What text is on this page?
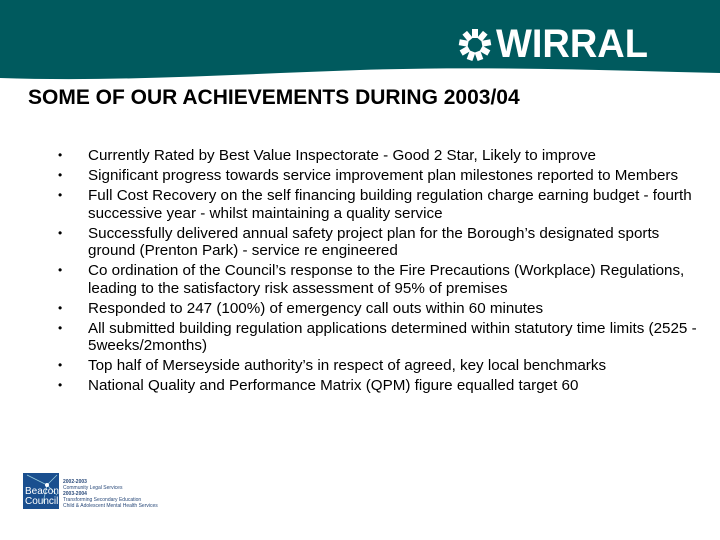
WIRRAL
SOME OF OUR ACHIEVEMENTS DURING 2003/04
•	Currently Rated by Best Value Inspectorate - Good 2 Star, Likely to improve
•	Significant progress towards service improvement plan milestones reported to Members
•	Full Cost Recovery on the self financing building regulation charge earning budget - fourth successive year - whilst maintaining a quality service
•	Successfully delivered annual safety project plan for the Borough’s designated sports ground (Prenton Park) - service re engineered
•	Co ordination of the Council’s response to the Fire Precautions (Workplace) Regulations, leading to the satisfactory risk assessment of 95% of premises
•	Responded to 247 (100%) of emergency call outs within 60 minutes
•	All submitted building regulation applications determined within statutory time limits (2525 - 5weeks/2months)
•	Top half of Merseyside authority’s in respect of agreed, key local benchmarks
•	National Quality and Performance Matrix (QPM) figure equalled target 60
Beacon
Council
2002-2003
Community Legal Services
2003-2004
Transforming Secondary Education
Child & Adolescent Mental Health Services
